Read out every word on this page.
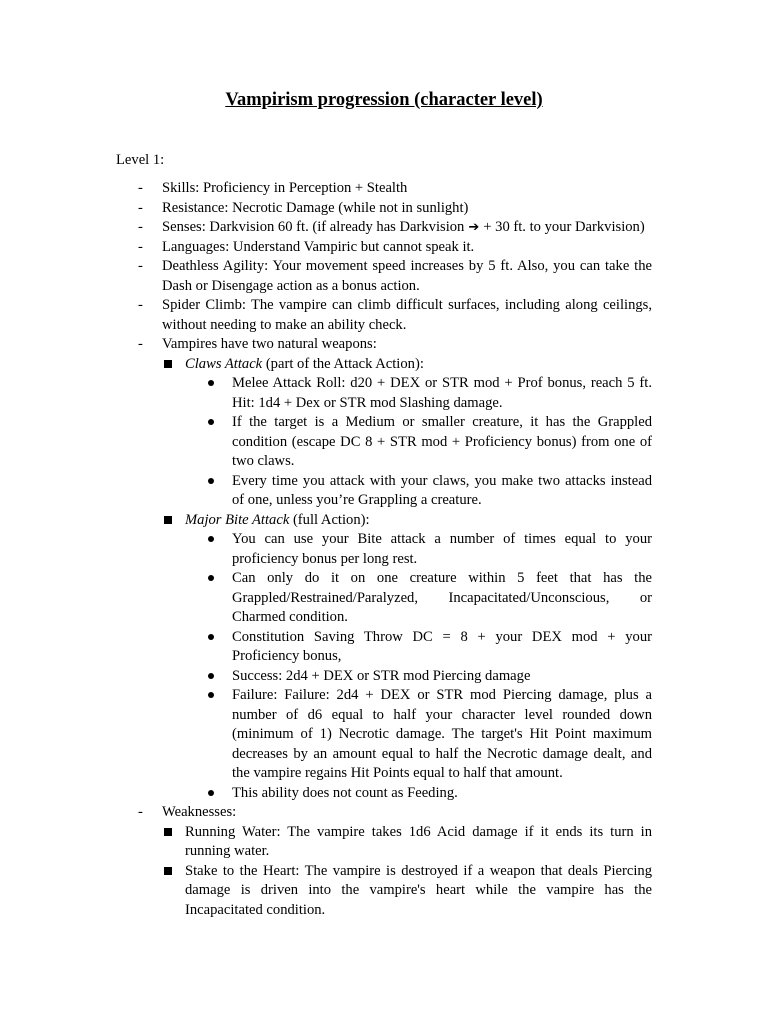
Vampirism progression (character level)
Level 1:
- Skills: Proficiency in Perception + Stealth
- Resistance: Necrotic Damage (while not in sunlight)
- Senses: Darkvision 60 ft. (if already has Darkvision ➔ + 30 ft. to your Darkvision)
- Languages: Understand Vampiric but cannot speak it.
- Deathless Agility: Your movement speed increases by 5 ft. Also, you can take the Dash or Disengage action as a bonus action.
- Spider Climb: The vampire can climb difficult surfaces, including along ceilings, without needing to make an ability check.
- Vampires have two natural weapons:
Claws Attack (part of the Attack Action):
Melee Attack Roll: d20 + DEX or STR mod + Prof bonus, reach 5 ft. Hit: 1d4 + Dex or STR mod Slashing damage.
If the target is a Medium or smaller creature, it has the Grappled condition (escape DC 8 + STR mod + Proficiency bonus) from one of two claws.
Every time you attack with your claws, you make two attacks instead of one, unless you’re Grappling a creature.
Major Bite Attack (full Action):
You can use your Bite attack a number of times equal to your proficiency bonus per long rest.
Can only do it on one creature within 5 feet that has the Grappled/Restrained/Paralyzed, Incapacitated/Unconscious, or Charmed condition.
Constitution Saving Throw DC = 8 + your DEX mod + your Proficiency bonus,
Success: 2d4 + DEX or STR mod Piercing damage
Failure: Failure: 2d4 + DEX or STR mod Piercing damage, plus a number of d6 equal to half your character level rounded down (minimum of 1) Necrotic damage. The target's Hit Point maximum decreases by an amount equal to half the Necrotic damage dealt, and the vampire regains Hit Points equal to half that amount.
This ability does not count as Feeding.
- Weaknesses:
Running Water: The vampire takes 1d6 Acid damage if it ends its turn in running water.
Stake to the Heart: The vampire is destroyed if a weapon that deals Piercing damage is driven into the vampire's heart while the vampire has the Incapacitated condition.
